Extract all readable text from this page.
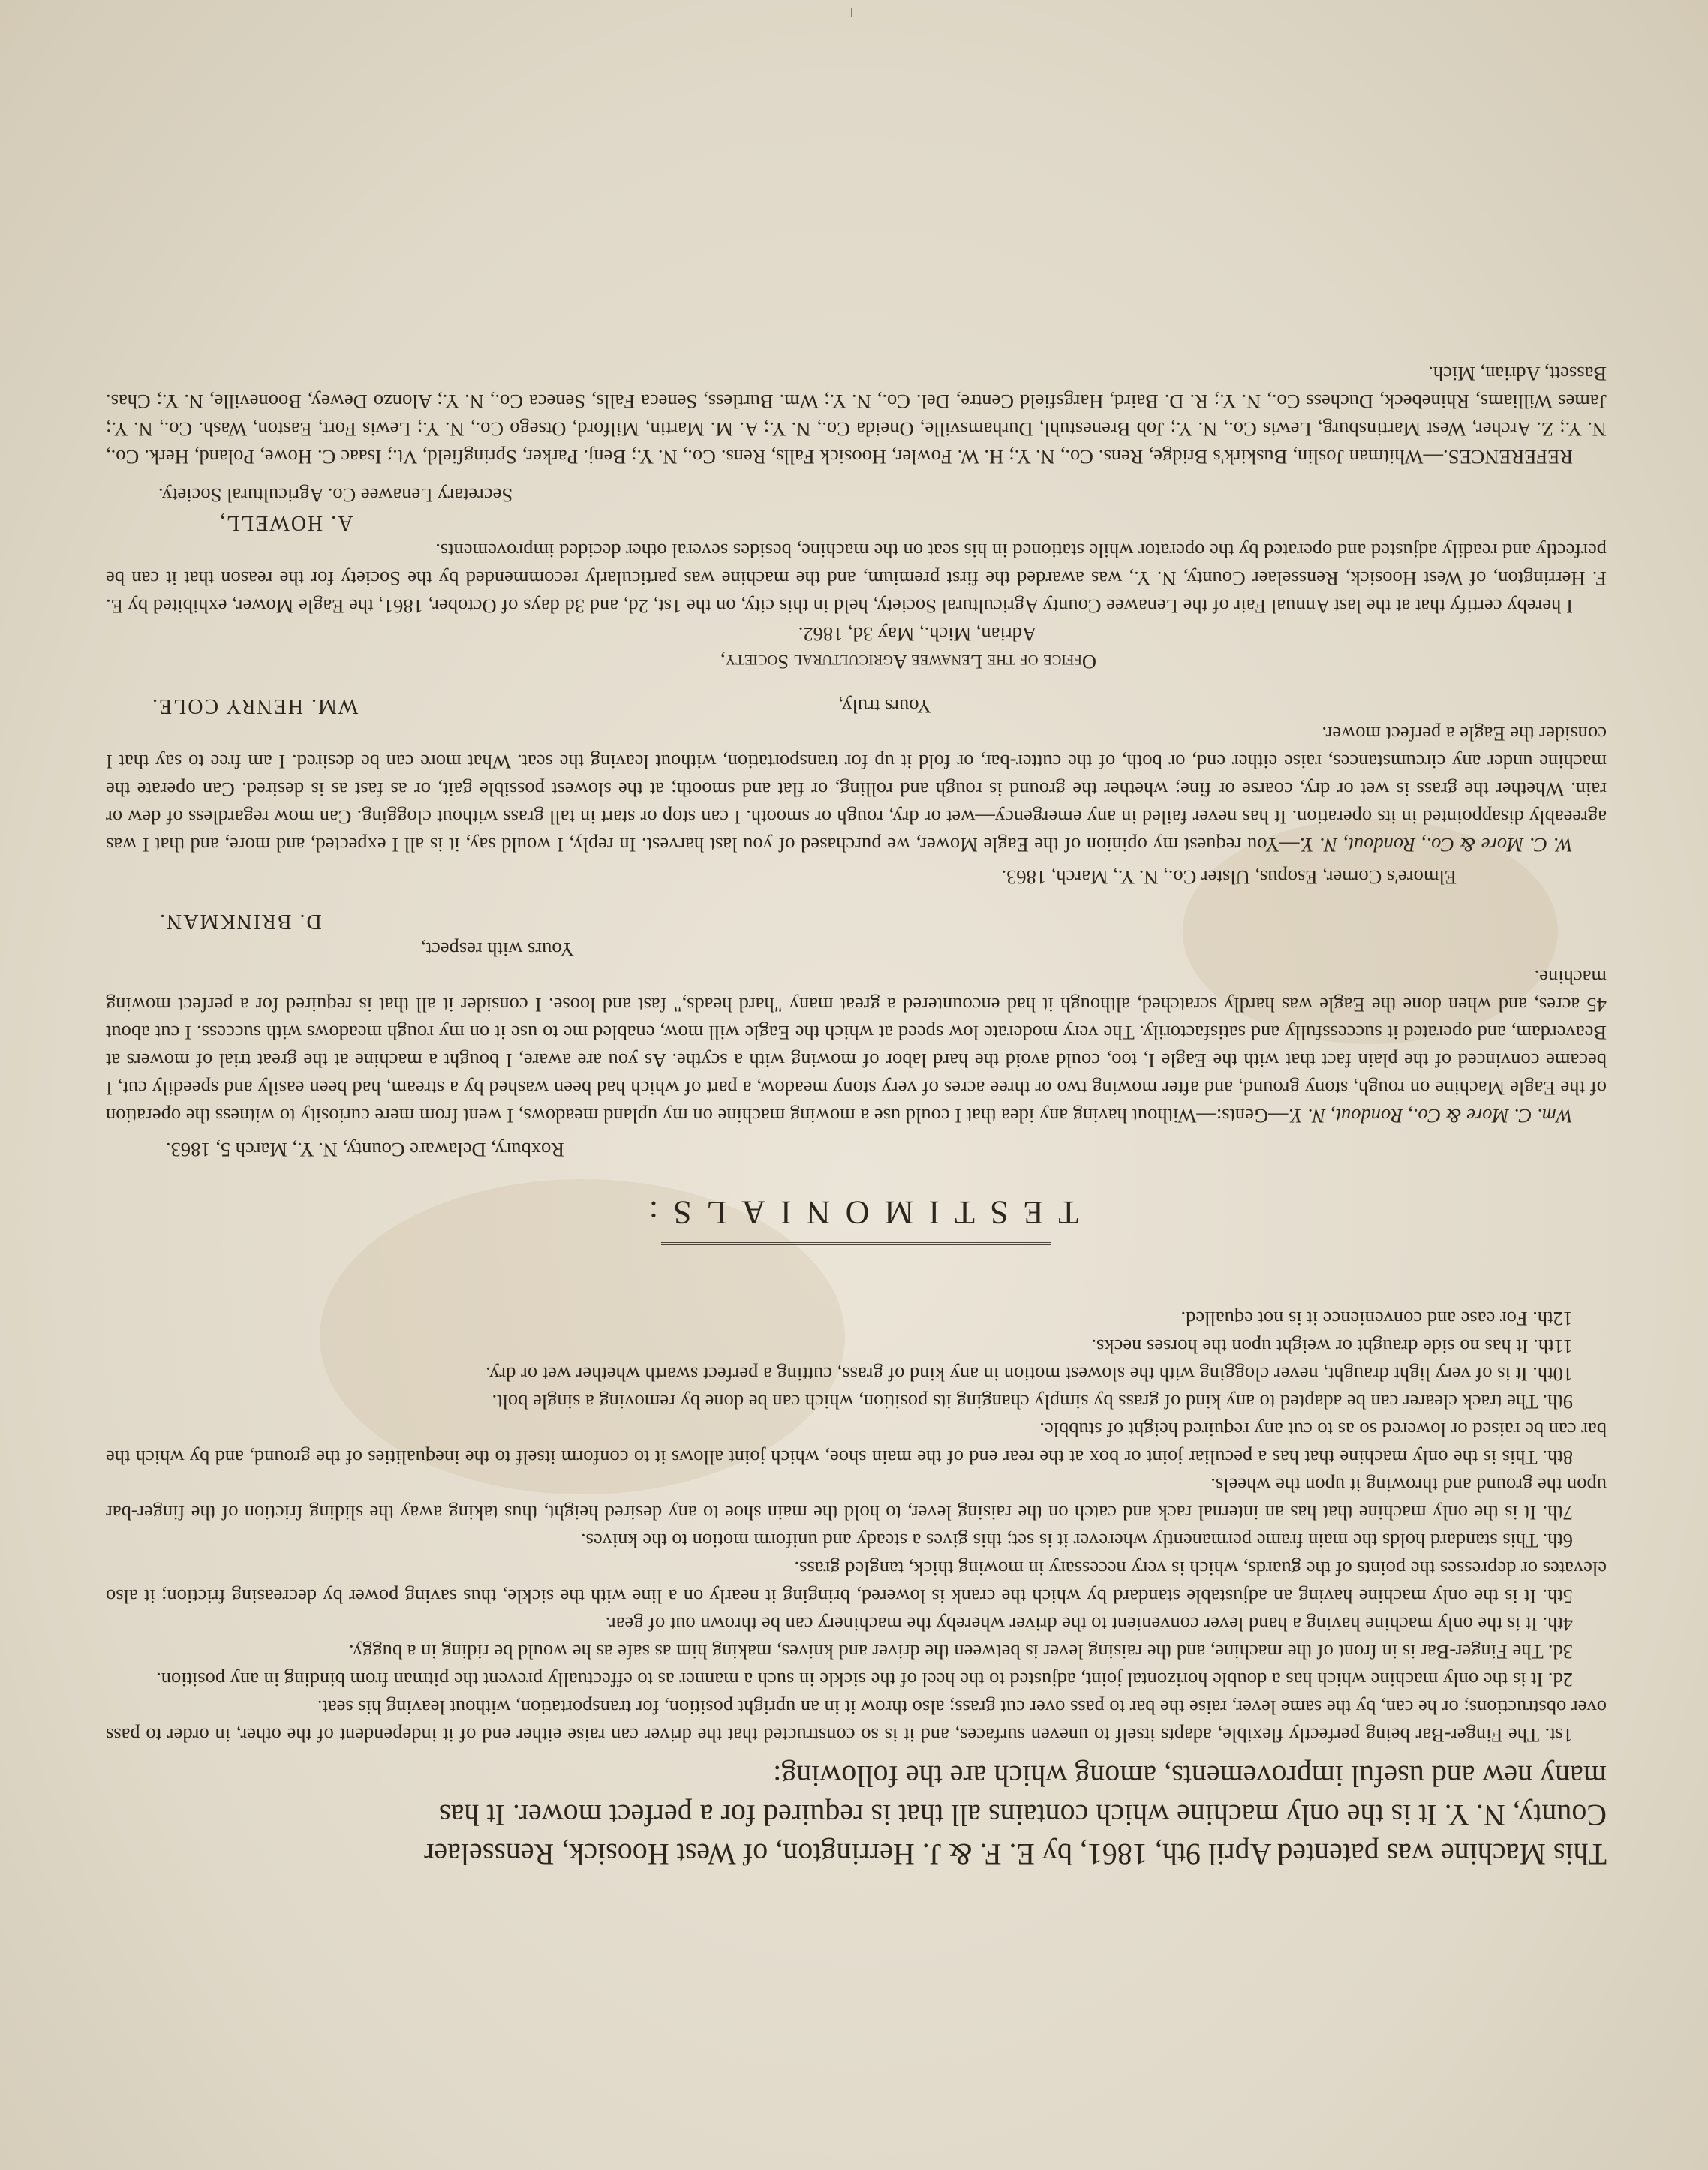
This Machine was patented April 9th, 1861, by E. F. & J. Herrington, of West Hoosick, Rensselaer
County, N. Y. It is the only machine which contains all that is required for a perfect mower. It has
many new and useful improvements, among which are the following:

1st. The Finger-Bar being perfectly flexible, adapts itself to uneven surfaces, and it is so constructed that the driver can raise either end of it independent of the other, in order to pass over obstructions; or he can, by the same lever, raise the bar to pass over cut grass; also throw it in an upright position, for transportation, without leaving his seat.

2d. It is the only machine which has a double horizontal joint, adjusted to the heel of the sickle in such a manner as to effectually prevent the pitman from binding in any position.

3d. The Finger-Bar is in front of the machine, and the raising lever is between the driver and knives, making him as safe as he would be riding in a buggy.

4th. It is the only machine having a hand lever convenient to the driver whereby the machinery can be thrown out of gear.

5th. It is the only machine having an adjustable standard by which the crank is lowered, bringing it nearly on a line with the sickle, thus saving power by decreasing friction; it also elevates or depresses the points of the guards, which is very necessary in mowing thick, tangled grass.

6th. This standard holds the main frame permanently wherever it is set; this gives a steady and uniform motion to the knives.

7th. It is the only machine that has an internal rack and catch on the raising lever, to hold the main shoe to any desired height, thus taking away the sliding friction of the finger-bar upon the ground and throwing it upon the wheels.

8th. This is the only machine that has a peculiar joint or box at the rear end of the main shoe, which joint allows it to conform itself to the inequalities of the ground, and by which the bar can be raised or lowered so as to cut any required height of stubble.

9th. The track clearer can be adapted to any kind of grass by simply changing its position, which can be done by removing a single bolt.

10th. It is of very light draught, never clogging with the slowest motion in any kind of grass, cutting a perfect swarth whether wet or dry.

11th. It has no side draught or weight upon the horses necks.

12th. For ease and convenience it is not equalled.

TESTIMONIALS:

Roxbury, Delaware County, N. Y., March 5, 1863.

Wm. C. More & Co., Rondout, N. Y.—Gents:—Without having any idea that I could use a mowing machine on my upland meadows, I went from mere curiosity to witness the operation of the Eagle Machine on rough, stony ground, and after mowing two or three acres of very stony meadow, a part of which had been washed by a stream, had been easily and speedily cut, I became convinced of the plain fact that with the Eagle I, too, could avoid the hard labor of mowing with a scythe. As you are aware, I bought a machine at the great trial of mowers at Beaverdam, and operated it successfully and satisfactorily. The very moderate low speed at which the Eagle will mow, enabled me to use it on my rough meadows with success. I cut about 45 acres, and when done the Eagle was hardly scratched, although it had encountered a great many "hard heads," fast and loose. I consider it all that is required for a perfect mowing machine.

Yours with respect,

D. BRINKMAN.

Elmore's Corner, Esopus, Ulster Co., N. Y., March, 1863.

W. C. More & Co., Rondout, N. Y.—You request my opinion of the Eagle Mower, we purchased of you last harvest. In reply, I would say, it is all I expected, and more, and that I was agreeably disappointed in its operation. It has never failed in any emergency—wet or dry, rough or smooth. I can stop or start in tall grass without clogging. Can mow regardless of dew or rain. Whether the grass is wet or dry, coarse or fine; whether the ground is rough and rolling, or flat and smooth; at the slowest possible gait, or as fast as is desired. Can operate the machine under any circumstances, raise either end, or both, of the cutter-bar, or fold it up for transportation, without leaving the seat. What more can be desired. I am free to say that I consider the Eagle a perfect mower.

Yours truly,
WM. HENRY COLE.

Office of the Lenawee Agricultural Society,

Adrian, Mich., May 3d, 1862.

I hereby certify that at the last Annual Fair of the Lenawee County Agricultural Society, held in this city, on the 1st, 2d, and 3d days of October, 1861, the Eagle Mower, exhibited by E. F. Herrington, of West Hoosick, Rensselaer County, N. Y., was awarded the first premium, and the machine was particularly recommended by the Society for the reason that it can be perfectly and readily adjusted and operated by the operator while stationed in his seat on the machine, besides several other decided improvements.

A. HOWELL,

Secretary Lenawee Co. Agricultural Society.

REFERENCES.—Whitman Joslin, Buskirk's Bridge, Rens. Co., N. Y.; H. W. Fowler, Hoosick Falls, Rens. Co., N. Y.; Benj. Parker, Springfield, Vt.; Isaac C. Howe, Poland, Herk. Co., N. Y.; Z. Archer, West Martinsburg, Lewis Co., N. Y.; Job Brenestuhl, Durhamsville, Oneida Co., N. Y.; A. M. Martin, Milford, Otsego Co., N. Y.; Lewis Fort, Easton, Wash. Co., N. Y.; James Williams, Rhinebeck, Duchess Co., N. Y.; R. D. Baird, Hargsfield Centre, Del. Co., N. Y.; Wm. Burtless, Seneca Falls, Seneca Co., N. Y.; Alonzo Dewey, Booneville, N. Y.; Chas. Bassett, Adrian, Mich.
